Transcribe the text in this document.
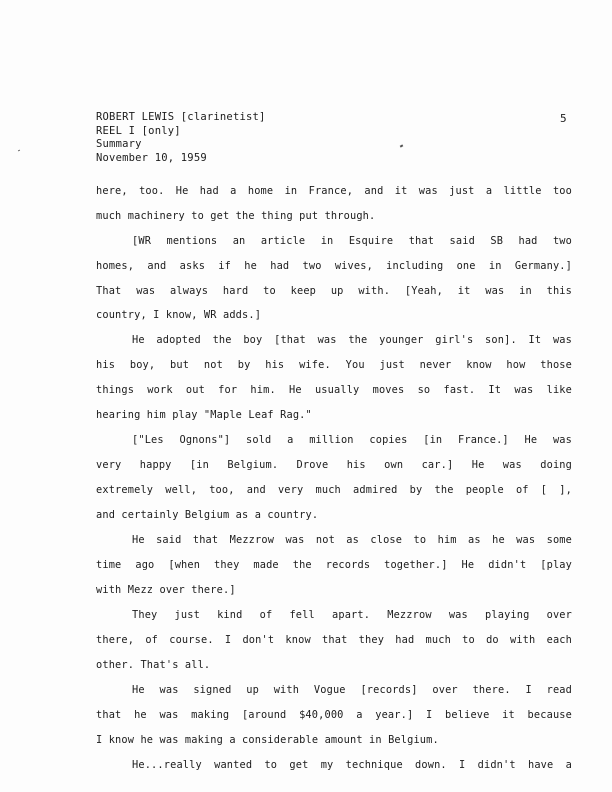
ROBERT LEWIS [clarinetist]
REEL I [only]
Summary
November 10, 1959
5
here, too. He had a home in France, and it was just a little too
much machinery to get the thing put through.
[WR mentions an article in Esquire that said SB had two
homes, and asks if he had two wives, including one in Germany.]
That was always hard to keep up with. [Yeah, it was in this
country, I know, WR adds.]
He adopted the boy [that was the younger girl's son]. It was
his boy, but not by his wife. You just never know how those
things work out for him. He usually moves so fast. It was like
hearing him play "Maple Leaf Rag."
["Les Ognons"] sold a million copies [in France.] He was
very happy [in Belgium. Drove his own car.] He was doing
extremely well, too, and very much admired by the people of [ ],
and certainly Belgium as a country.
He said that Mezzrow was not as close to him as he was some
time ago [when they made the records together.] He didn't [play
with Mezz over there.]
They just kind of fell apart. Mezzrow was playing over
there, of course. I don't know that they had much to do with each
other. That's all.
He was signed up with Vogue [records] over there. I read
that he was making [around $40,000 a year.] I believe it because
I know he was making a considerable amount in Belgium.
He...really wanted to get my technique down. I didn't have a
